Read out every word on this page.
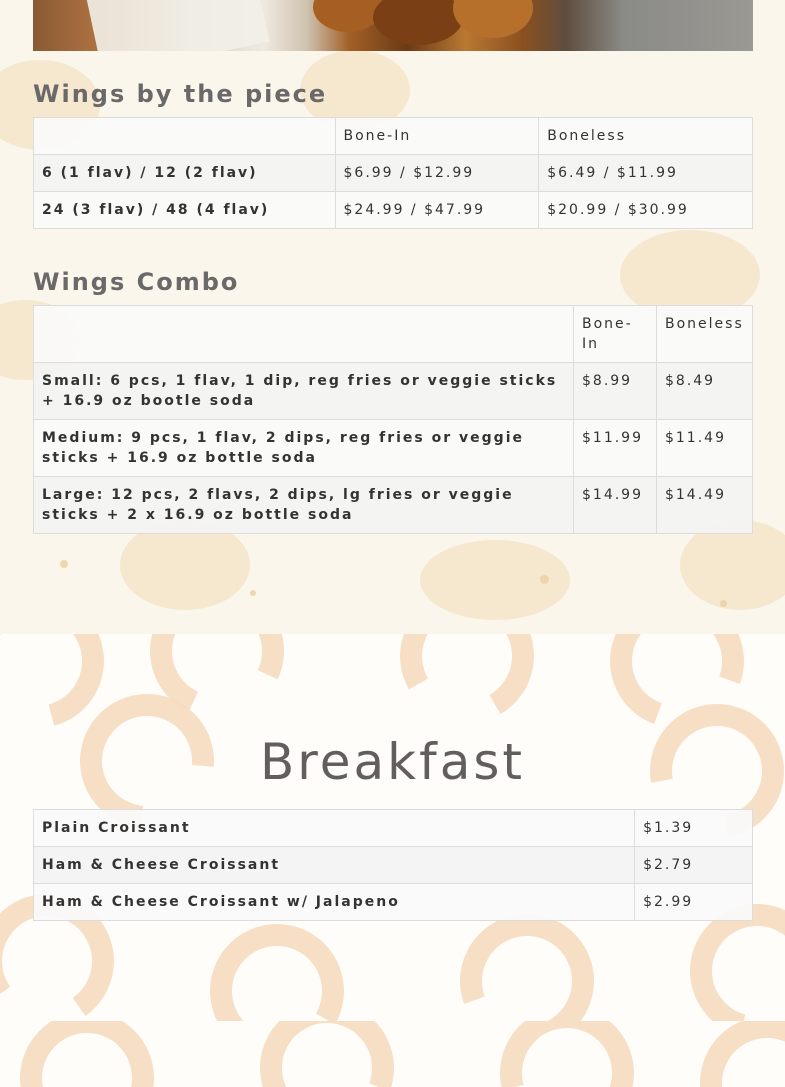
Wings by the piece
	Bone-In	Boneless
6 (1 flav) / 12 (2 flav)	$6.99 / $12.99	$6.49 / $11.99
24 (3 flav) / 48 (4 flav)	$24.99 / $47.99	$20.99 / $30.99
Wings Combo
	Bone-In	Boneless
Small: 6 pcs, 1 flav, 1 dip, reg fries or veggie sticks + 16.9 oz bootle soda	$8.99	$8.49
Medium: 9 pcs, 1 flav, 2 dips, reg fries or veggie sticks + 16.9 oz bottle soda	$11.99	$11.49
Large: 12 pcs, 2 flavs, 2 dips, lg fries or veggie sticks + 2 x 16.9 oz bottle soda	$14.99	$14.49
Breakfast
Plain Croissant	$1.39
Ham & Cheese Croissant	$2.79
Ham & Cheese Croissant w/ Jalapeno	$2.99
